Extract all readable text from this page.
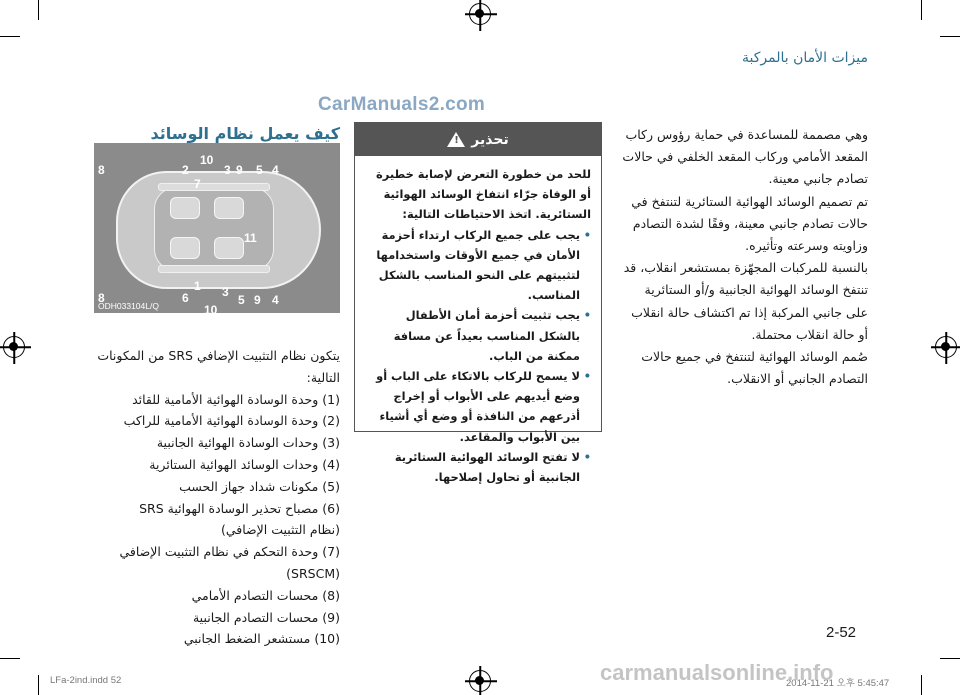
ميزات الأمان بالمركبة
CarManuals2.com
كيف يعمل نظام الوسائد
8	2
10
7
3 9 5 4
11
8	6
1 3
5 9 4
10
ODH033104L/Q
يتكون نظام التثبيت الإضافي SRS من المكونات التالية:
(1) وحدة الوسادة الهوائية الأمامية للقائد
(2) وحدة الوسادة الهوائية الأمامية للراكب
(3) وحدات الوسادة الهوائية الجانبية
(4) وحدات الوسائد الهوائية الستائرية
(5) مكونات شداد جهاز الحسب
(6) مصباح تحذير الوسادة الهوائية SRS
(نظام التثبيت الإضافي)
(7) وحدة التحكم في نظام التثبيت الإضافي
(SRSCM)
(8) محسات التصادم الأمامي
(9) محسات التصادم الجانبية
(10) مستشعر الضغط الجانبي
تحذير
!
للحد من خطورة التعرض لإصابة خطيرة أو الوفاة جرّاء انتفاخ الوسائد الهوائية الستائرية. اتخذ الاحتياطات التالية:
• يجب على جميع الركاب ارتداء أحزمة الأمان في جميع الأوقات واستخدامها لتثبيتهم على النحو المناسب بالشكل المناسب.
• يجب تثبيت أحزمة أمان الأطفال بالشكل المناسب بعيداً عن مسافة ممكنة من الباب.
• لا يسمح للركاب بالاتكاء على الباب أو وضع أيديهم على الأبواب أو إخراج أذرعهم من النافذة أو وضع أي أشياء بين الأبواب والمقاعد.
• لا تفتح الوسائد الهوائية الستائرية الجانبية أو تحاول إصلاحها.

وهي مصممة للمساعدة في حماية رؤوس ركاب المقعد الأمامي وركاب المقعد الخلفي في حالات تصادم جانبي معينة.

تم تصميم الوسائد الهوائية الستائرية لتنتفخ في حالات تصادم جانبي معينة، وفقًا لشدة التصادم وزاويته وسرعته وتأثيره.

بالنسبة للمركبات المجهّزة بمستشعر انقلاب، قد تنتفخ الوسائد الهوائية الجانبية و/أو الستائرية على جانبي المركبة إذا تم اكتشاف حالة انقلاب أو حالة انقلاب محتملة.

صُمم الوسائد الهوائية لتنتفخ في جميع حالات التصادم الجانبي أو الانقلاب.

2-52
LFa-2ind.indd 52	2014-11-21 오후 5:45:47
carmanualsonline.info
